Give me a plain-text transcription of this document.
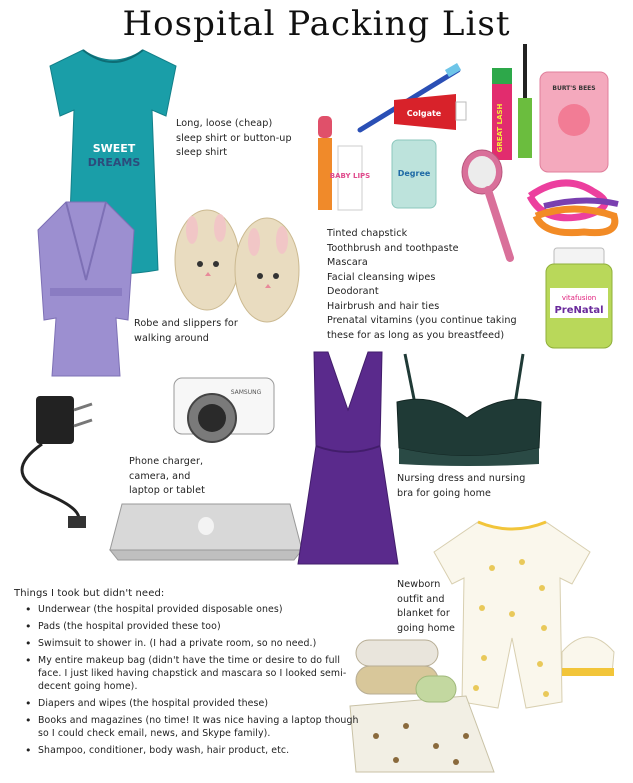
Hospital Packing List
SWEET
DREAMS
BABY LIPS
Colgate
Degree
GREAT LASH
BURT'S BEES
vitafusion
PreNatal
SAMSUNG

Long, loose (cheap)

sleep shirt or button-up

sleep shirt

Tinted chapstick

Toothbrush and toothpaste

Mascara

Facial cleansing wipes

Deodorant

Hairbrush and hair ties

Prenatal vitamins (you continue taking

these for as long as you breastfeed)

Robe and slippers for

walking around

Phone charger,

camera, and

laptop or tablet

Nursing dress and nursing

bra for going home

Newborn

outfit and

blanket for

going home

Things I took but didn't need:
• Underwear (the hospital provided disposable ones)
• Pads (the hospital provided these too)
• Swimsuit to shower in. (I had a private room, so no need.)
• My entire makeup bag (didn't have the time or desire to do full face. I just liked having chapstick and mascara so I looked semi-decent going home).
• Diapers and wipes (the hospital provided these)
• Books and magazines (no time! It was nice having a laptop though so I could check email, news, and Skype family).
• Shampoo, conditioner, body wash, hair product, etc.
